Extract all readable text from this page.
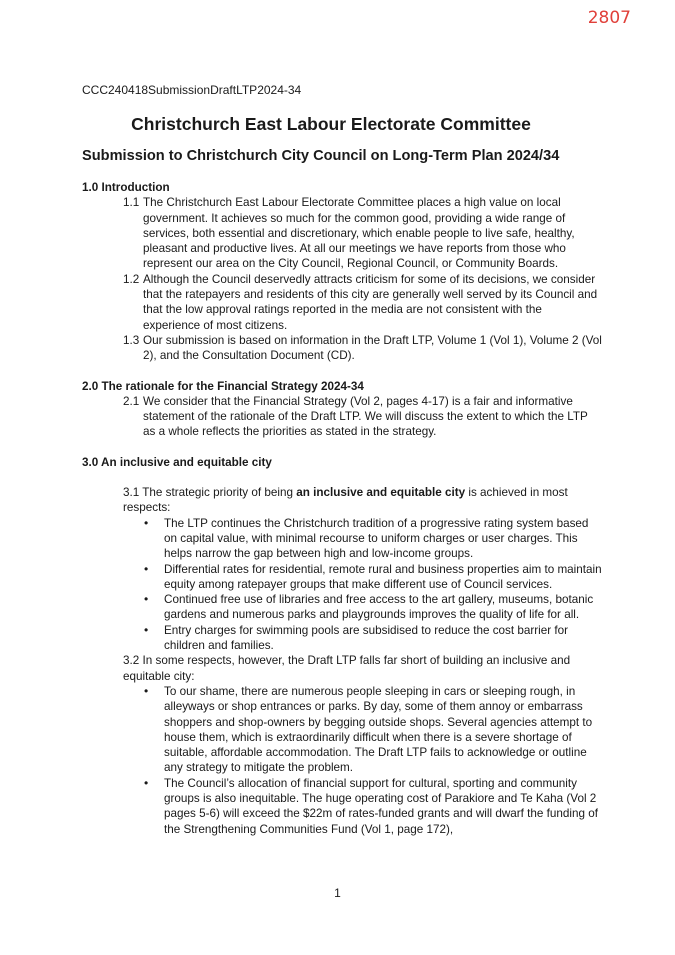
2807
CCC240418SubmissionDraftLTP2024-34
Christchurch East Labour Electorate Committee
Submission to Christchurch City Council on Long-Term Plan 2024/34

1.0 Introduction

1.1 The Christchurch East Labour Electorate Committee places a high value on local government. It achieves so much for the common good, providing a wide range of services, both essential and discretionary, which enable people to live safe, healthy, pleasant and productive lives. At all our meetings we have reports from those who represent our area on the City Council, Regional Council, or Community Boards.

1.2 Although the Council deservedly attracts criticism for some of its decisions, we consider that the ratepayers and residents of this city are generally well served by its Council and that the low approval ratings reported in the media are not consistent with the experience of most citizens.

1.3 Our submission is based on information in the Draft LTP, Volume 1 (Vol 1), Volume 2 (Vol 2), and the Consultation Document (CD).

2.0 The rationale for the Financial Strategy 2024-34

2.1 We consider that the Financial Strategy (Vol 2, pages 4-17) is a fair and informative statement of the rationale of the Draft LTP. We will discuss the extent to which the LTP as a whole reflects the priorities as stated in the strategy.

3.0 An inclusive and equitable city

3.1 The strategic priority of being an inclusive and equitable city is achieved in most respects:

• The LTP continues the Christchurch tradition of a progressive rating system based on capital value, with minimal recourse to uniform charges or user charges. This helps narrow the gap between high and low-income groups.
• Differential rates for residential, remote rural and business properties aim to maintain equity among ratepayer groups that make different use of Council services.
• Continued free use of libraries and free access to the art gallery, museums, botanic gardens and numerous parks and playgrounds improves the quality of life for all.
• Entry charges for swimming pools are subsidised to reduce the cost barrier for children and families.

3.2 In some respects, however, the Draft LTP falls far short of building an inclusive and equitable city:

• To our shame, there are numerous people sleeping in cars or sleeping rough, in alleyways or shop entrances or parks. By day, some of them annoy or embarrass shoppers and shop-owners by begging outside shops. Several agencies attempt to house them, which is extraordinarily difficult when there is a severe shortage of suitable, affordable accommodation. The Draft LTP fails to acknowledge or outline any strategy to mitigate the problem.
• The Council’s allocation of financial support for cultural, sporting and community groups is also inequitable. The huge operating cost of Parakiore and Te Kaha (Vol 2 pages 5-6) will exceed the $22m of rates-funded grants and will dwarf the funding of the Strengthening Communities Fund (Vol 1, page 172),
1
